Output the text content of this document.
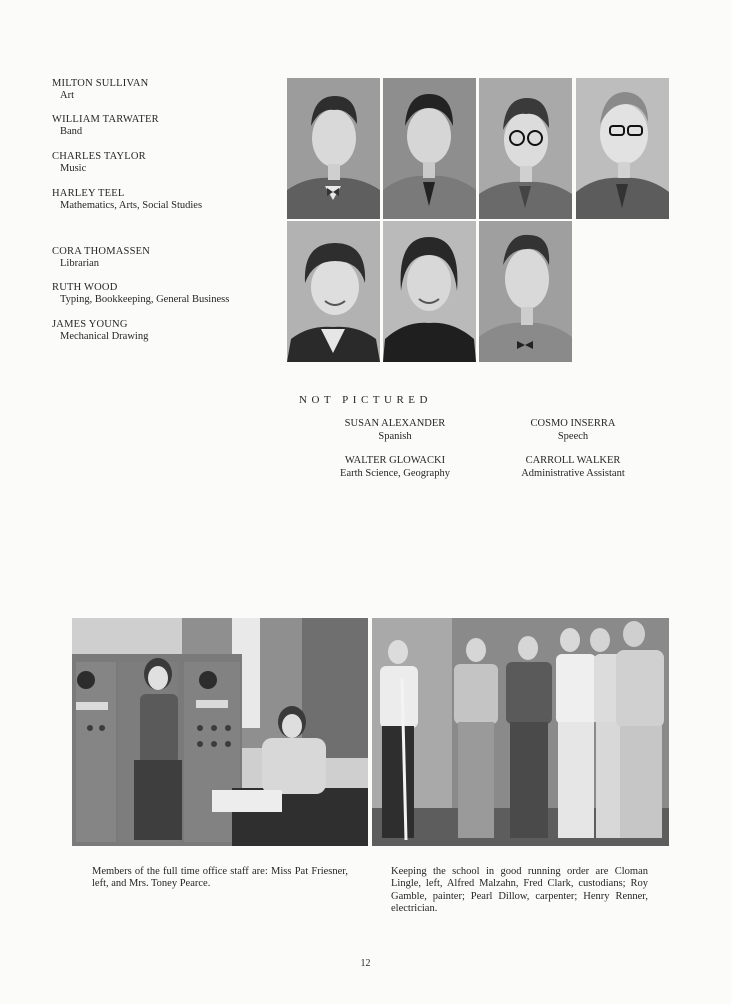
MILTON SULLIVAN
Art
WILLIAM TARWATER
Band
CHARLES TAYLOR
Music
HARLEY TEEL
Mathematics, Arts, Social Studies
CORA THOMASSEN
Librarian
RUTH WOOD
Typing, Bookkeeping, General Business
JAMES YOUNG
Mechanical Drawing
NOT PICTURED
SUSAN ALEXANDER
Spanish
COSMO INSERRA
Speech
WALTER GLOWACKI
Earth Science, Geography
CARROLL WALKER
Administrative Assistant
Members of the full time office staff are: Miss Pat Friesner, left, and Mrs. Toney Pearce.
Keeping the school in good running order are Cloman Lingle, left, Alfred Malzahn, Fred Clark, custodians; Roy Gamble, painter; Pearl Dillow, carpenter; Henry Renner, electrician.
12
